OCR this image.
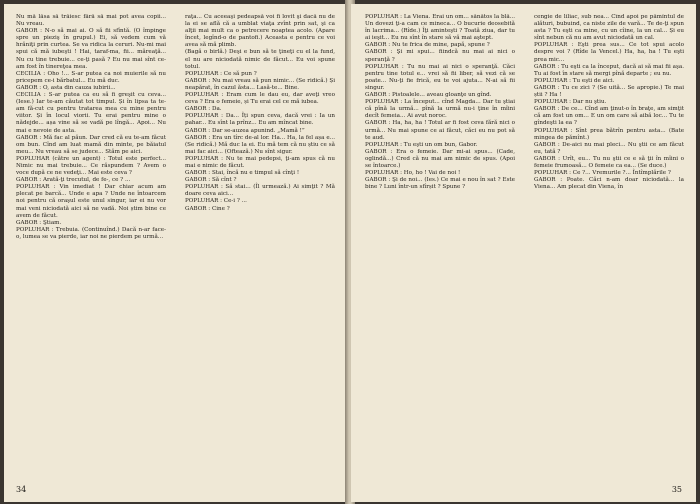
Nu mă lăsa să trăiesc fără să mai pot avea copii... Nu vreau.

GABOR : N-o să mai ai. O să fii sfîntă. (O împinge spre un pieziş în grupul.) Ei, să vedem cum vă hrăniţi prin curtea. Se va ridica la ceruri. Nu-mi mai spui că mă iubeşti ! Hai, taraf-ma, fii... măreaţă... Nu cu tine trebuie... ce-ţi pasă ? Eu nu mai sînt ce-am fost în tinereţea mea.

CECILIA : Oho !... S-ar putea ca noi muierile să nu pricepem ce-i bărbatul... Eu mă duc.

GABOR : O, asta din cauza iubirii...

CECILIA : S-ar putea ca eu să fi greşit cu ceva... (Iese.) Iar te-am căutat tot timpul. Și în lipsa ta te-am fă-cut cu pentru tratarea mea cu mine pentru viitor. Și în locul viorii. Tu erai pentru mine o nădejde... așa vine să se vadă pe lîngă... Apoi... Nu mai e nevoie de asta.

GABOR : Mă fac al păun. Dar cred că eu te-am făcut om bun. Cînd am luat mamă din minte, pe băiatul meu... Nu vreau să se judece... Stăm pe aici.

POPLUHAR (către un agent) : Totul este perfect... Nimic nu mai trebuie... Ce răspundem ? Avem o voce după ce ne vedeţi... Mai este ceva ?

GABOR : Arată-ţi trecutul, de fe-, ce ? ...

POPLUHAR : Vin imediat ! Dar chiar acum am plecat pe barcă... Unde e apa ? Unde ne întoarcem noi pentru că oraşul este unul singur, iar ei nu vor mai veni niciodată aici să ne vadă. Noi știm bine ce avem de făcut.

GABOR : Ştiam.

POPLUHAR : Trebuia. (Continuînd.) Dacă n-ar face-o, lumea se va pierde, iar noi ne pierdem pe urmă...

raţa... Cu aceeaşi pedeapsă voi fi lovit şi dacă nu de la ei se află că a umblat viaţa zvînt prin sat, şi ca alţii mai mult ca o petrecere noaptea acolo. (Apare încet, legînd-o de pantofi.) Aceasta e pentru ce voi avea să mă plimb.

(Bagă o birlă.) Deşi e bun să te ţineţi cu el la fund, el nu are niciodată nimic de făcut... Eu voi spune totul.

POPLUHAR : Ce să pun ?

GABOR : Nu mai vreau să pun nimic... (Se ridică.) Și neapărat, în cazul ăsta... Lasă-te... Bine.

POPLUHAR : Eram cum le dau eu, dar aveţi vreo ceva ? Era o femeie, și Tu erai cel ce mă iubea.

GABOR : Da.

POPLUHAR : Da... Îți spun ceva, dacă vrei : Ia un pahar... Eu sînt la prînz... Eu am mîncat bine.

GABOR : Dar se-auzea apunind. „Mamă !”

GABOR : Era un tîrc de-al lor. Ha... Ha, la fel așa e... (Se ridică.) Mă duc la ei. Eu mă tem că nu știu ce să mai fac aici... (Oftează.) Nu sînt sigur.

POPLUHAR : Nu te mai pedepsi, ţi-am spus că nu mai e nimic de făcut.

GABOR : Stai, încă nu e timpul să cînţi !

GABOR : Să cînt ?

POPLUHAR : Să stai... (Îl urmează.) Ai simţit ? Mă doare ceva aici...

POPLUHAR : Ce-i ? ...

GABOR : Cine ?

34

POPLUHAR : La Viena. Erai un om... sănătos la blă... Un dovezi ţi-a cam ce mineca... O bucurie deosebită în lacrima... (Rîde.) Îţi aminteşti ? Toată ziua, dar tu ai ieşit... Eu nu sînt în stare să vă mai aştept.

GABOR : Nu te frica de mine, papă, spune ?

GABOR : Şi mi spui... fiindcă nu mai ai nici o speranţă ?

POPLUHAR : Tu nu mai ai nici o speranţă. Căci pentru tine totul e... vrei să fii liber, să vezi că se poate... Nu-ţi fie frică, eu te voi ajuta... N-ai să fii singur.

GABOR : Pistoalele... aveau gloanţe un gînd.

POPLUHAR : La început... cînd Magda... Dar tu ştiai că pînă la urmă... pînă la urmă nu-i ţine în mîini decît femeia... Ai avut noroc.

GABOR : Ha, ha, ha ! Totul ar fi fost ceva fără nici o urmă... Nu mai spune ce ai făcut, căci eu nu pot să te aud.

POPLUHAR : Tu eşti un om bun, Gabor.

GABOR : Era o femeie. Dar mi-ai spus... (Cade, oglindă...) Cred că nu mai am nimic de spus. (Apoi se întoarce.)

POPLUHAR : Ho, ho ! Vai de noi !

GABOR : Şi de noi... (Ies.) Ce mai e nou în sat ? Este bine ? Luni într-un sfîrșit ? Spune ?

cengie de liliac, sub nea... Cînd apoi pe pămîntul de alături, bubuind, ca niste zile de vară... Te de-ţi spun asta ? Tu eşti ca mine, cu un cîine, la un cal... Și eu sînt nebun că nu am avut niciodată un cal.

POPLUHAR : Eşti prea sus... Ce tot spui acolo despre voi ? (Rîde la Vencel.) Ha, ha, ha ! Tu eşti prea mic...

GABOR : Tu eşti ca la început, dacă ai să mai fii aşa. Tu ai fost în stare să mergi pînă departe ; eu nu.

POPLUHAR : Tu eşti de aici.

GABOR : Tu ce zici ? (Se uită... Se apropie.) Te mai știi ? Ha !

POPLUHAR : Dar nu ştiu.

GABOR : De ce... Cînd am ţinut-o în braţe, am simţit că am fost un om... E un om care să aibă loc... Tu te gîndeşti la ea ?

POPLUHAR : Sînt prea bătrîn pentru asta... (Bate mingea de pămînt.)

GABOR : De-aici nu mai pleci... Nu ştii ce am făcut eu, tată ?

GABOR : Urît, eu... Tu nu ştii ce e să ţii în mîini o femeie frumoasă... O femeie ca ea... (Se duce.)

POPLUHAR : Ce ?... Vremurile ?... Întîmplările ?

GABOR : Poate. Căci n-am doar niciodată... la Viena... Am plecat din Viena, în

35
